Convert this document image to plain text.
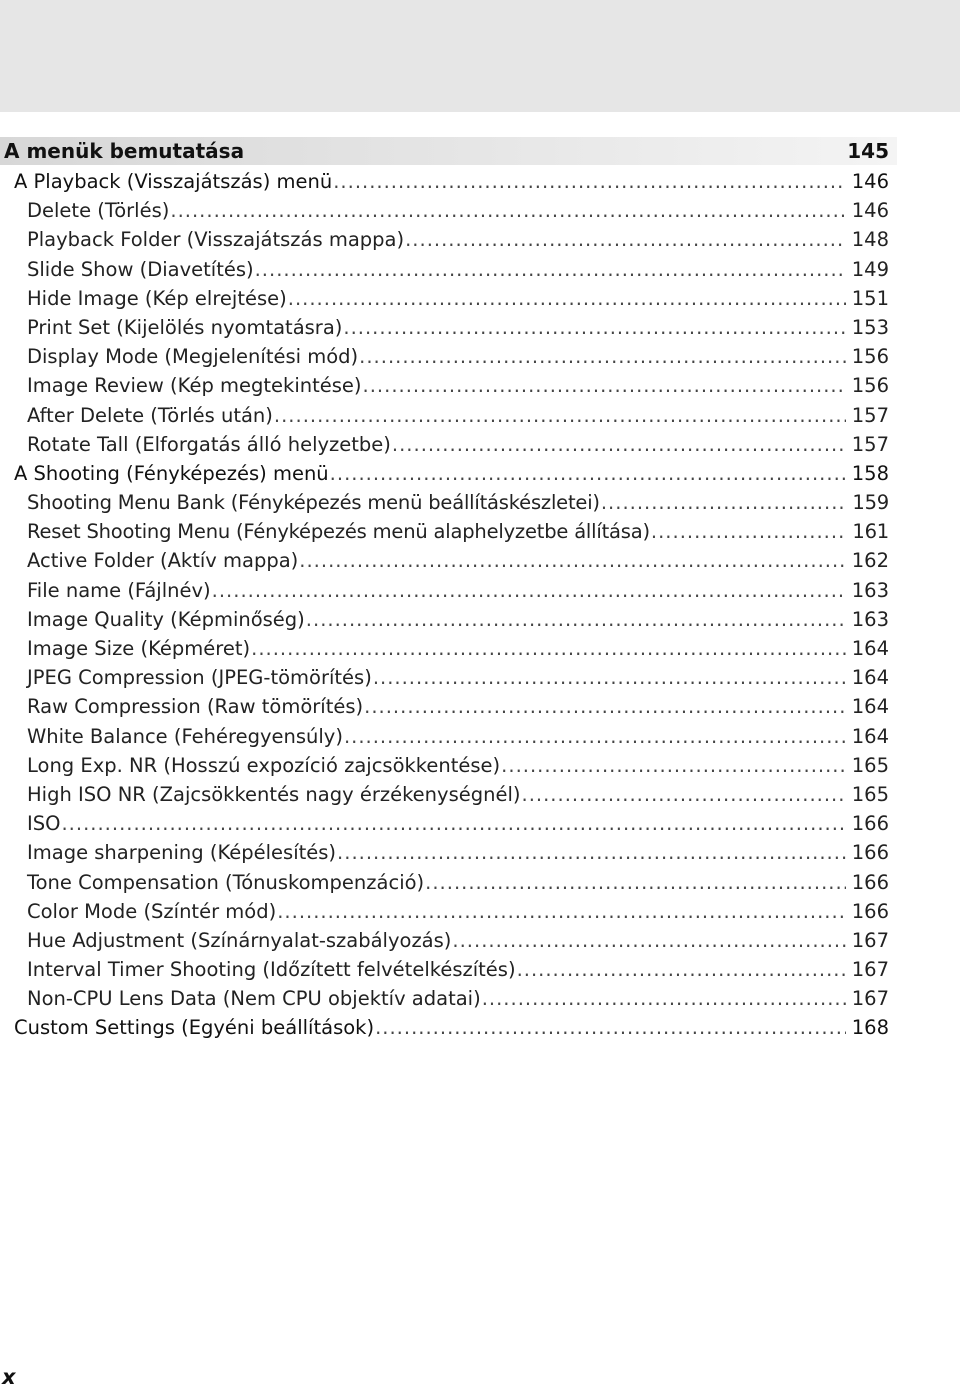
A menük bemutatása	145
A Playback (Visszajátszás) menü .....	146
Delete (Törlés) .....	146
Playback Folder (Visszajátszás mappa) .....	148
Slide Show (Diavetítés) .....	149
Hide Image (Kép elrejtése) .....	151
Print Set (Kijelölés nyomtatásra) .....	153
Display Mode (Megjelenítési mód) .....	156
Image Review (Kép megtekintése) .....	156
After Delete (Törlés után) .....	157
Rotate Tall (Elforgatás álló helyzetbe) .....	157
A Shooting (Fényképezés) menü .....	158
Shooting Menu Bank (Fényképezés menü beállításkészletei) .....	159
Reset Shooting Menu (Fényképezés menü alaphelyzetbe állítása) .....	161
Active Folder (Aktív mappa) .....	162
File name (Fájlnév) .....	163
Image Quality (Képminőség) .....	163
Image Size (Képméret) .....	164
JPEG Compression (JPEG-tömörítés) .....	164
Raw Compression (Raw tömörítés) .....	164
White Balance (Fehéregyensúly) .....	164
Long Exp. NR (Hosszú expozíció zajcsökkentése) .....	165
High ISO NR (Zajcsökkentés nagy érzékenységnél) .....	165
ISO .....	166
Image sharpening (Képélesítés) .....	166
Tone Compensation (Tónuskompenzáció) .....	166
Color Mode (Színtér mód) .....	166
Hue Adjustment (Színárnyalat-szabályozás) .....	167
Interval Timer Shooting (Időzített felvételkészítés) .....	167
Non-CPU Lens Data (Nem CPU objektív adatai) .....	167
Custom Settings (Egyéni beállítások) .....	168
x
